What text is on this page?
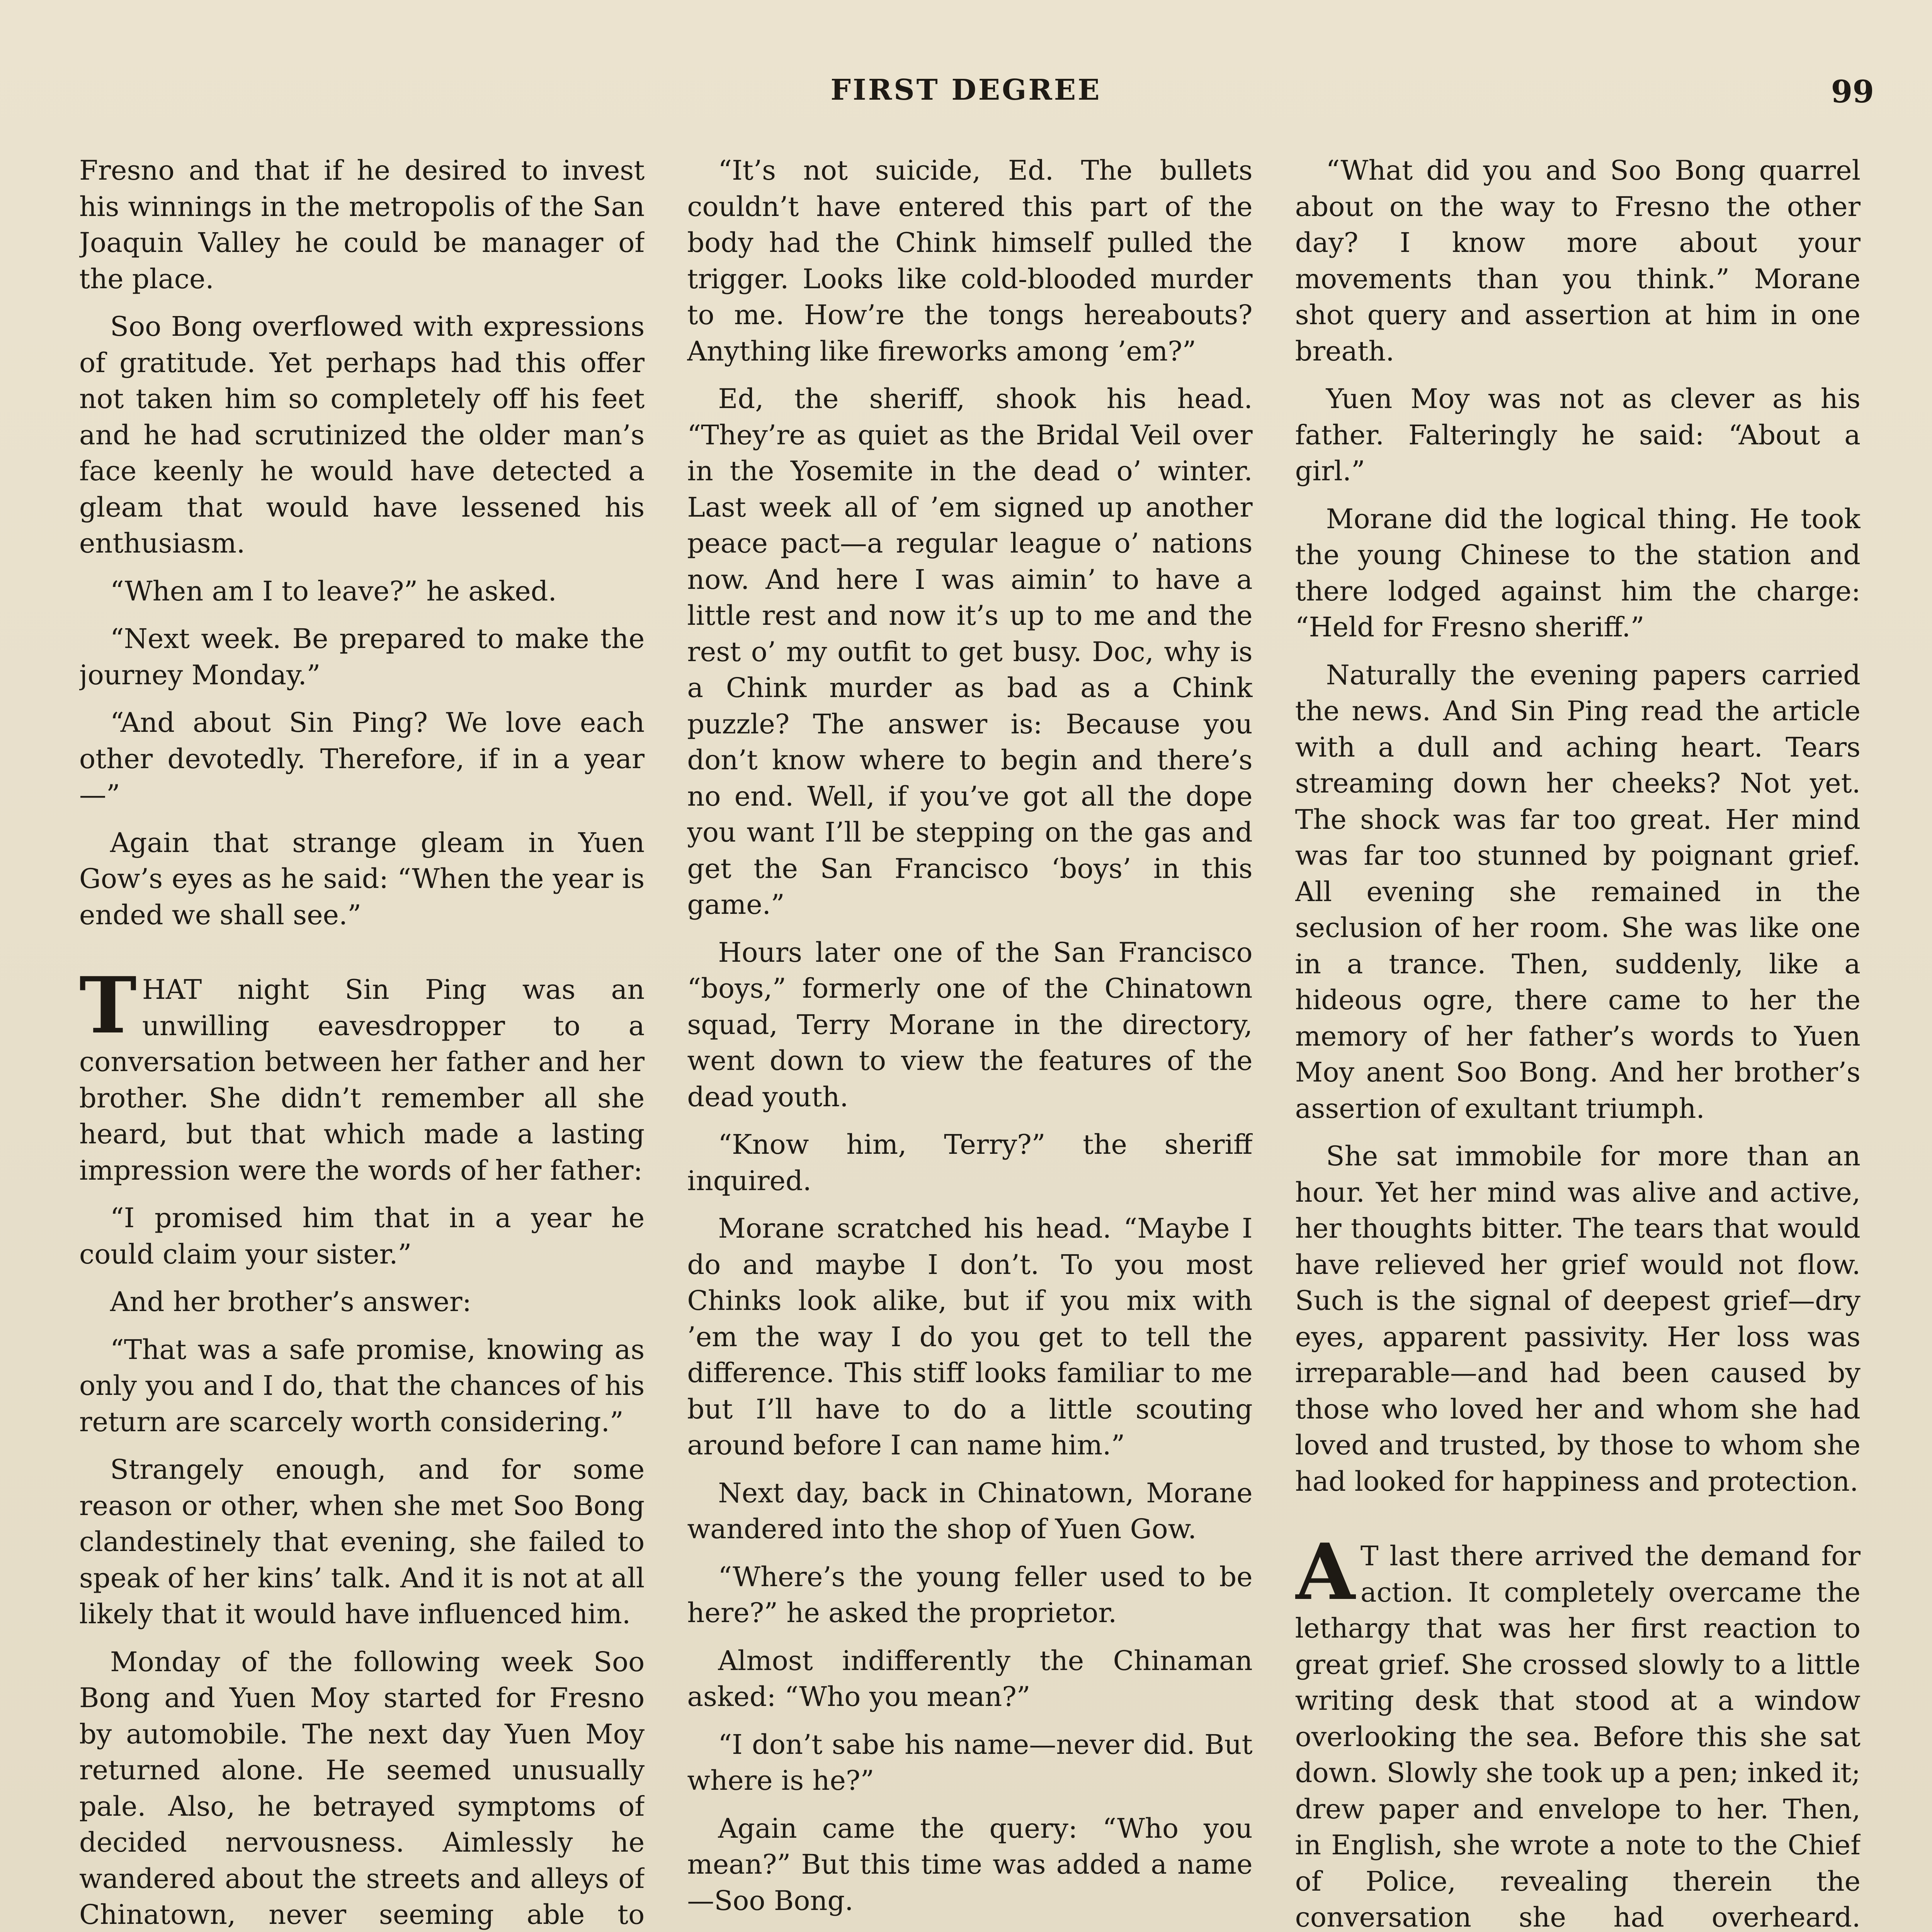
FIRST DEGREE	99

Fresno and that if he desired to invest his winnings in the metropolis of the San Joaquin Valley he could be manager of the place.

Soo Bong overflowed with expressions of gratitude. Yet perhaps had this offer not taken him so completely off his feet and he had scrutinized the older man’s face keenly he would have detected a gleam that would have lessened his enthusiasm.

“When am I to leave?” he asked.

“Next week. Be prepared to make the journey Monday.”

“And about Sin Ping? We love each other devotedly. Therefore, if in a year—”

Again that strange gleam in Yuen Gow’s eyes as he said: “When the year is ended we shall see.”

THAT night Sin Ping was an unwilling eavesdropper to a conversation between her father and her brother. She didn’t remember all she heard, but that which made a lasting impression were the words of her father:

“I promised him that in a year he could claim your sister.”

And her brother’s answer:

“That was a safe promise, knowing as only you and I do, that the chances of his return are scarcely worth considering.”

Strangely enough, and for some reason or other, when she met Soo Bong clandestinely that evening, she failed to speak of her kins’ talk. And it is not at all likely that it would have influenced him.

Monday of the following week Soo Bong and Yuen Moy started for Fresno by automobile. The next day Yuen Moy returned alone. He seemed unusually pale. Also, he betrayed symptoms of decided nervousness. Aimlessly he wandered about the streets and alleys of Chinatown, never seeming able to

“It’s not suicide, Ed. The bullets couldn’t have entered this part of the body had the Chink himself pulled the trigger. Looks like cold-blooded murder to me. How’re the tongs hereabouts? Anything like fireworks among ’em?”

Ed, the sheriff, shook his head. “They’re as quiet as the Bridal Veil over in the Yosemite in the dead o’ winter. Last week all of ’em signed up another peace pact—a regular league o’ nations now. And here I was aimin’ to have a little rest and now it’s up to me and the rest o’ my outfit to get busy. Doc, why is a Chink murder as bad as a Chink puzzle? The answer is: Because you don’t know where to begin and there’s no end. Well, if you’ve got all the dope you want I’ll be stepping on the gas and get the San Francisco ‘boys’ in this game.”

Hours later one of the San Francisco “boys,” formerly one of the Chinatown squad, Terry Morane in the directory, went down to view the features of the dead youth.

“Know him, Terry?” the sheriff inquired.

Morane scratched his head. “Maybe I do and maybe I don’t. To you most Chinks look alike, but if you mix with ’em the way I do you get to tell the difference. This stiff looks familiar to me but I’ll have to do a little scouting around before I can name him.”

Next day, back in Chinatown, Morane wandered into the shop of Yuen Gow.

“Where’s the young feller used to be here?” he asked the proprietor.

Almost indifferently the Chinaman asked: “Who you mean?”

“I don’t sabe his name—never did. But where is he?”

Again came the query: “Who you mean?” But this time was added a name—Soo Bong.

“What did you and Soo Bong quarrel about on the way to Fresno the other day? I know more about your movements than you think.” Morane shot query and assertion at him in one breath.

Yuen Moy was not as clever as his father. Falteringly he said: “About a girl.”

Morane did the logical thing. He took the young Chinese to the station and there lodged against him the charge: “Held for Fresno sheriff.”

Naturally the evening papers carried the news. And Sin Ping read the article with a dull and aching heart. Tears streaming down her cheeks? Not yet. The shock was far too great. Her mind was far too stunned by poignant grief. All evening she remained in the seclusion of her room. She was like one in a trance. Then, suddenly, like a hideous ogre, there came to her the memory of her father’s words to Yuen Moy anent Soo Bong. And her brother’s assertion of exultant triumph.

She sat immobile for more than an hour. Yet her mind was alive and active, her thoughts bitter. The tears that would have relieved her grief would not flow. Such is the signal of deepest grief—dry eyes, apparent passivity. Her loss was irreparable—and had been caused by those who loved her and whom she had loved and trusted, by those to whom she had looked for happiness and protection.

A T last there arrived the demand for action. It completely overcame the lethargy that was her first reaction to great grief. She crossed slowly to a little writing desk that stood at a window overlooking the sea. Before this she sat down. Slowly she took up a pen; inked it; drew paper and envelope to her. Then, in English, she wrote a note to the Chief of Police, revealing therein the conversation she had overheard.
